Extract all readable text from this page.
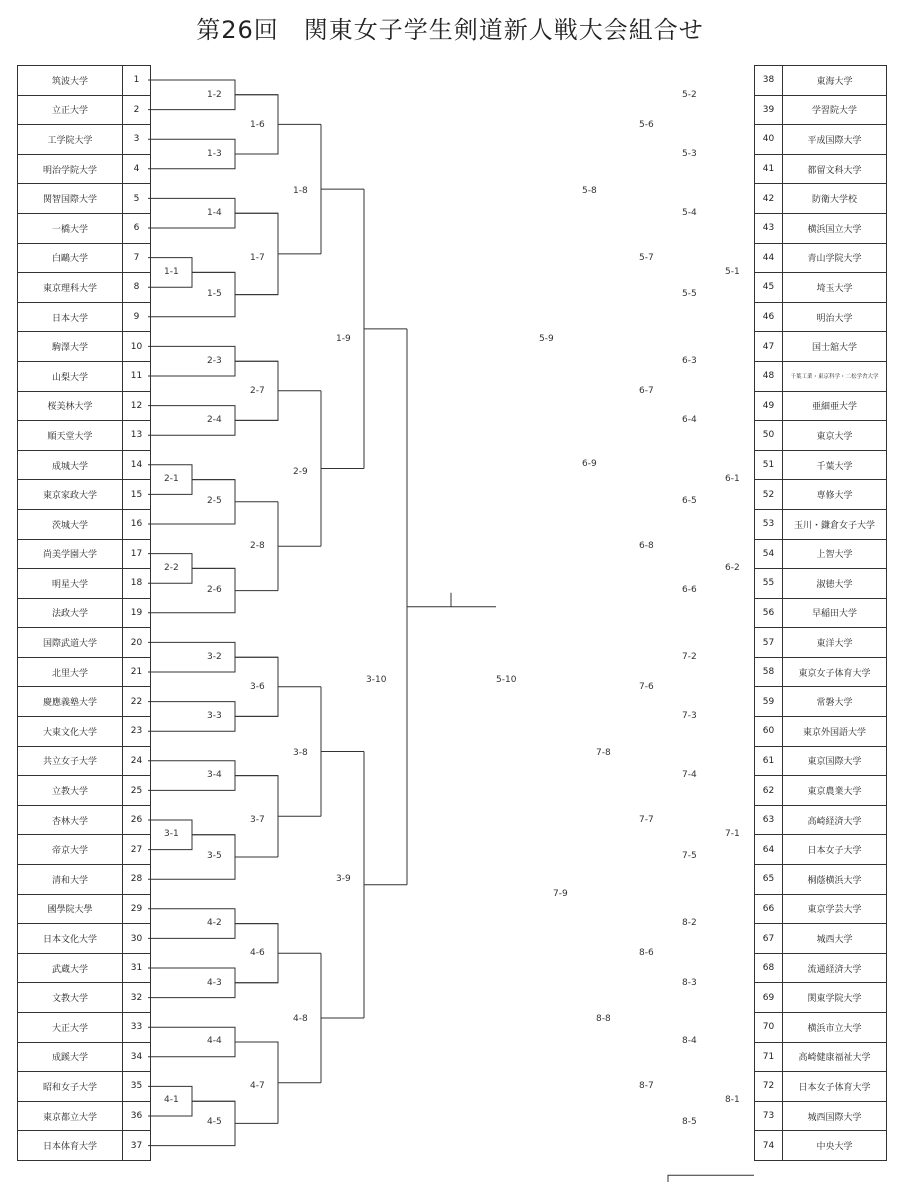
第26回　関東女子学生剣道新人戦大会組合せ
筑波大学	1
立正大学	2
工学院大学	3
明治学院大学	4
関智国際大学	5
一橋大学	6
白鷗大学	7
東京理科大学	8
日本大学	9
駒澤大学	10
山梨大学	11
桜美林大学	12
順天堂大学	13
成城大学	14
東京家政大学	15
茨城大学	16
尚美学園大学	17
明星大学	18
法政大学	19
国際武道大学	20
北里大学	21
慶應義塾大学	22
大東文化大学	23
共立女子大学	24
立教大学	25
杏林大学	26
帝京大学	27
清和大学	28
國學院大學	29
日本文化大学	30
武蔵大学	31
文教大学	32
大正大学	33
成蹊大学	34
昭和女子大学	35
東京都立大学	36
日本体育大学	37
38	東海大学
39	学習院大学
40	平成国際大学
41	都留文科大学
42	防衛大学校
43	横浜国立大学
44	青山学院大学
45	埼玉大学
46	明治大学
47	国士舘大学
48	千葉工業・東京科学・二松学舎大学
49	亜細亜大学
50	東京大学
51	千葉大学
52	専修大学
53	玉川・鎌倉女子大学
54	上智大学
55	淑徳大学
56	早稲田大学
57	東洋大学
58	東京女子体育大学
59	常磐大学
60	東京外国語大学
61	東京国際大学
62	東京農業大学
63	高崎経済大学
64	日本女子大学
65	桐蔭横浜大学
66	東京学芸大学
67	城西大学
68	流通経済大学
69	関東学院大学
70	横浜市立大学
71	高崎健康福祉大学
72	日本女子体育大学
73	城西国際大学
74	中央大学
1-2
1-3
1-4
1-1
1-5
1-6
1-7
1-8
1-9
2-3
2-4
2-1
2-5
2-2
2-6
2-7
2-8
2-9
3-2
3-3
3-4
3-1
3-5
3-6
3-7
3-8
3-9
3-10
4-2
4-3
4-4
4-1
4-5
4-6
4-7
4-8
5-2
5-3
5-4
5-1
5-5
5-6
5-7
5-8
5-9
5-10
6-3
6-4
6-1
6-5
6-2
6-6
6-7
6-8
6-9
7-2
7-3
7-4
7-1
7-5
7-6
7-7
7-8
7-9
8-2
8-3
8-4
8-1
8-5
8-6
8-7
8-8
